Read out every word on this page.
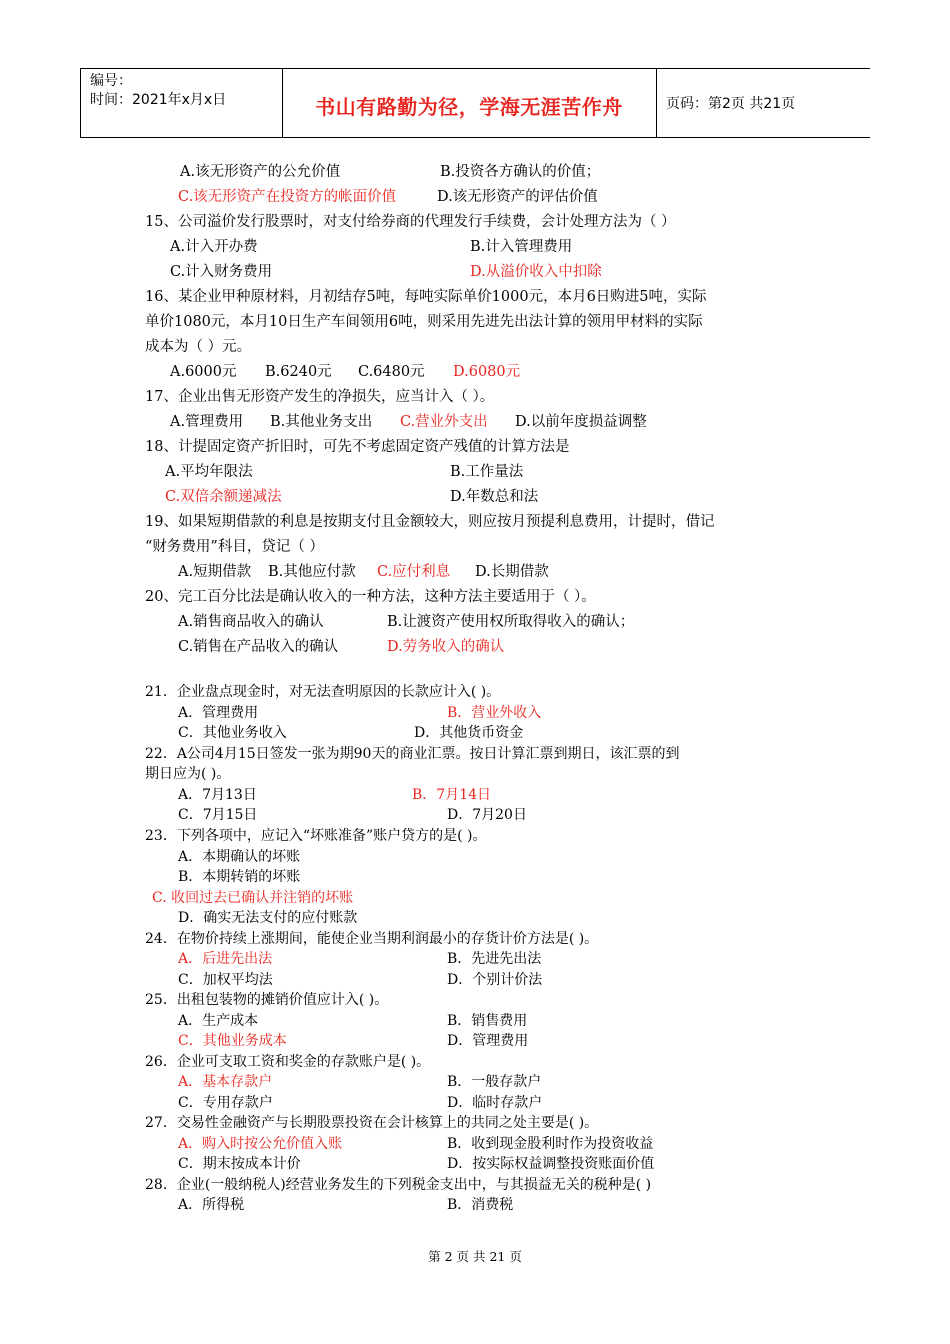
编号：
时间：2021年x月x日	书山有路勤为径，学海无涯苦作舟	页码：第2页 共21页
A.该无形资产的公允价值	B.投资各方确认的价值；
C.该无形资产在投资方的帐面价值	D.该无形资产的评估价值
15、公司溢价发行股票时，对支付给券商的代理发行手续费，会计处理方法为（ ）
A.计入开办费	B.计入管理费用
C.计入财务费用	D.从溢价收入中扣除
16、某企业甲种原材料，月初结存5吨，每吨实际单价1000元，本月6日购进5吨，实际
单价1080元，本月10日生产车间领用6吨，则采用先进先出法计算的领用甲材料的实际
成本为（ ）元。
A.6000元 B.6240元 C.6480元 D.6080元
17、企业出售无形资产发生的净损失，应当计入（ ）。
A.管理费用 B.其他业务支出 C.营业外支出 D.以前年度损益调整
18、计提固定资产折旧时，可先不考虑固定资产残值的计算方法是
A.平均年限法	B.工作量法
C.双倍余额递减法	D.年数总和法
19、如果短期借款的利息是按期支付且金额较大，则应按月预提利息费用，计提时，借记
“财务费用”科目，贷记（ ）
A.短期借款 B.其他应付款 C.应付利息 D.长期借款
20、完工百分比法是确认收入的一种方法，这种方法主要适用于（ ）。
A.销售商品收入的确认	B.让渡资产使用权所取得收入的确认；
C.销售在产品收入的确认	D.劳务收入的确认
21．企业盘点现金时，对无法查明原因的长款应计入( )。
A．管理费用	B．营业外收入
C．其他业务收入	D．其他货币资金
22．A公司4月15日签发一张为期90天的商业汇票。按日计算汇票到期日，该汇票的到
期日应为( )。
A．7月13日	B．7月14日
C．7月15日	D．7月20日
23．下列各项中，应记入“坏账准备”账户贷方的是( )。
A．本期确认的坏账
B．本期转销的坏账
C. 收回过去已确认并注销的坏账
D．确实无法支付的应付账款
24．在物价持续上涨期间，能使企业当期利润最小的存货计价方法是( )。
A．后进先出法	B．先进先出法
C．加权平均法	D．个别计价法
25．出租包装物的摊销价值应计入( )。
A．生产成本	B．销售费用
C．其他业务成本	D．管理费用
26．企业可支取工资和奖金的存款账户是( )。
A．基本存款户	B．一般存款户
C．专用存款户	D．临时存款户
27．交易性金融资产与长期股票投资在会计核算上的共同之处主要是( )。
A．购入时按公允价值入账	B．收到现金股利时作为投资收益
C．期末按成本计价	D．按实际权益调整投资账面价值
28．企业(一般纳税人)经营业务发生的下列税金支出中，与其损益无关的税种是( )
A．所得税	B．消费税
第 2 页 共 21 页
